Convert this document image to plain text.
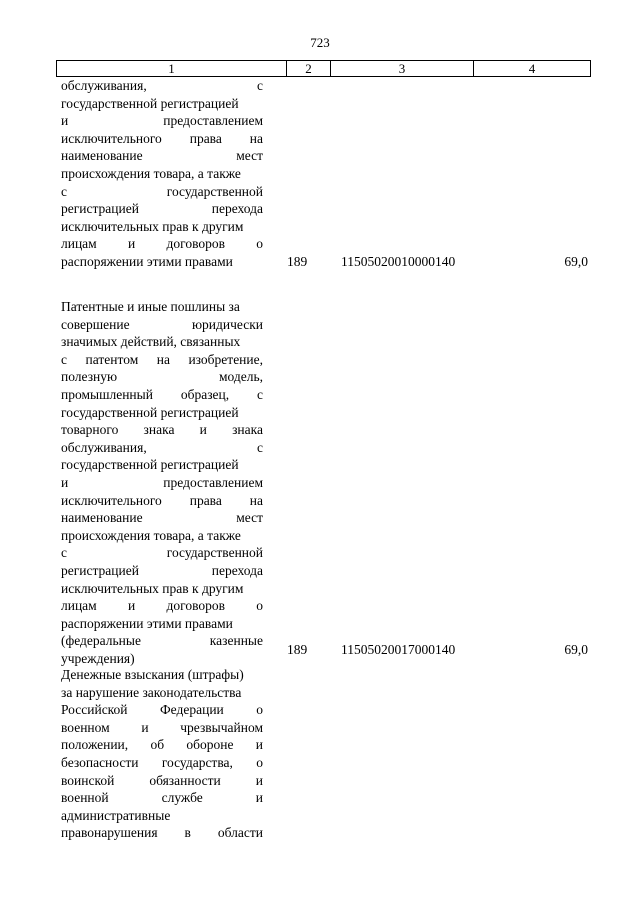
723
1	2	3	4
обслуживания, с
государственной регистрацией
и предоставлением
исключительного права на
наименование мест
происхождения товара, а также
с государственной
регистрацией перехода
исключительных прав к другим
лицам и договоров о
распоряжении этими правами	189	11505020010000140	69,0
Патентные и иные пошлины за
совершение юридически
значимых действий, связанных
с патентом на изобретение,
полезную модель,
промышленный образец, с
государственной регистрацией
товарного знака и знака
обслуживания, с
государственной регистрацией
и предоставлением
исключительного права на
наименование мест
происхождения товара, а также
с государственной
регистрацией перехода
исключительных прав к другим
лицам и договоров о
распоряжении этими правами
(федеральные казенные
учреждения)
189	11505020017000140	69,0
Денежные взыскания (штрафы)
за нарушение законодательства
Российской Федерации о
военном и чрезвычайном
положении, об обороне и
безопасности государства, о
воинской обязанности и
военной службе и
административные
правонарушения в области
